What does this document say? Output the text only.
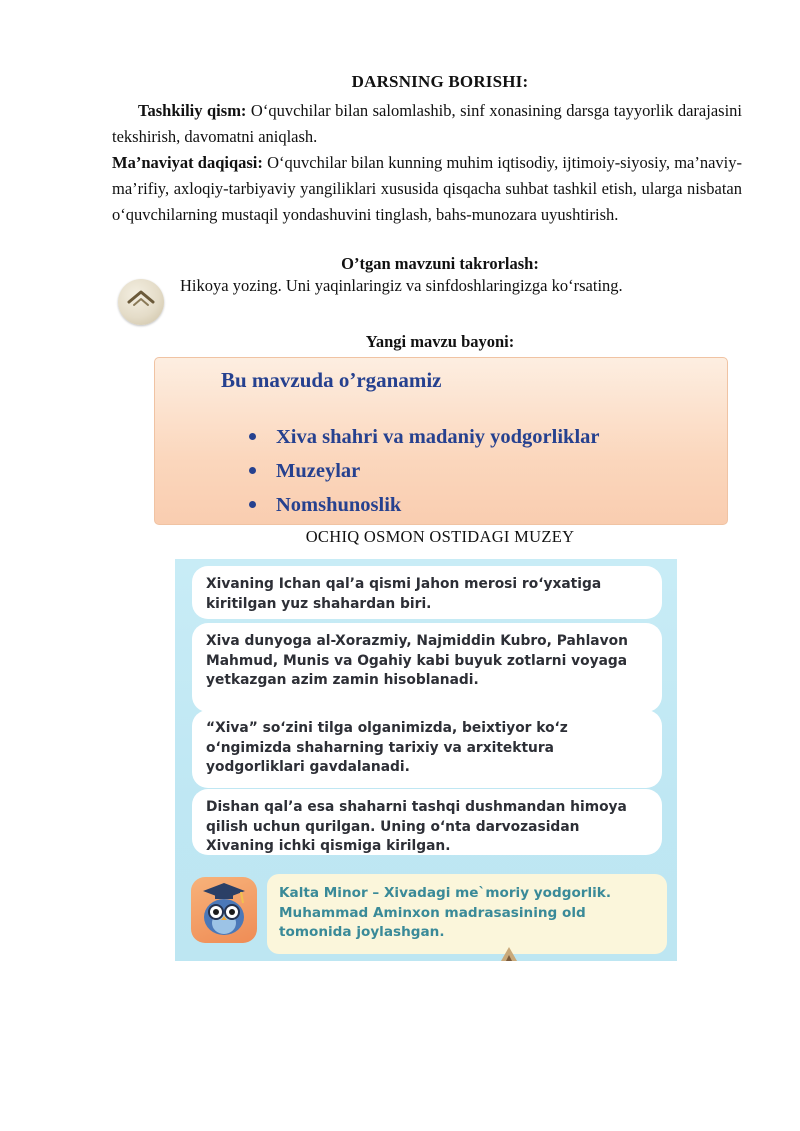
DARSNING BORISHI:
Tashkiliy qism: O‘quvchilar bilan salomlashib, sinf xonasining darsga tayyorlik darajasini tekshirish, davomatni aniqlash.
Ma’naviyat daqiqasi: O‘quvchilar bilan kunning muhim iqtisodiy, ijtimoiy-siyosiy, ma’naviy-ma’rifiy, axloqiy-tarbiyaviy yangiliklari xususida qisqacha suhbat tashkil etish, ularga nisbatan o‘quvchilarning mustaqil yondashuvini tinglash, bahs-munozara uyushtirish.
O’tgan mavzuni takrorlash:
Hikoya yozing. Uni yaqinlaringiz va sinfdoshlaringizga ko‘rsating.
Yangi mavzu bayoni:
Bu mavzuda o’rganamiz
Xiva shahri va madaniy yodgorliklar
Muzeylar
Nomshunoslik
OCHIQ OSMON OSTIDAGI MUZEY
Xivaning Ichan qal’a qismi Jahon merosi ro‘yxatiga kiritilgan yuz shahardan biri.
Xiva dunyoga al-Xorazmiy, Najmiddin Kubro, Pahlavon Mahmud, Munis va Ogahiy kabi buyuk zotlarni voyaga yetkazgan azim zamin hisoblanadi.
“Xiva” so‘zini tilga olganimizda, beixtiyor ko‘z o‘ngimizda shaharning tarixiy va arxitektura yodgorliklari gavdalanadi.
Dishan qal’a esa shaharni tashqi dushmandan himoya qilish uchun qurilgan. Uning o‘nta darvozasidan Xivaning ichki qismiga kirilgan.
Kalta Minor – Xivadagi me`moriy yodgorlik. Muhammad Aminxon madrasasining old tomonida joylashgan.
